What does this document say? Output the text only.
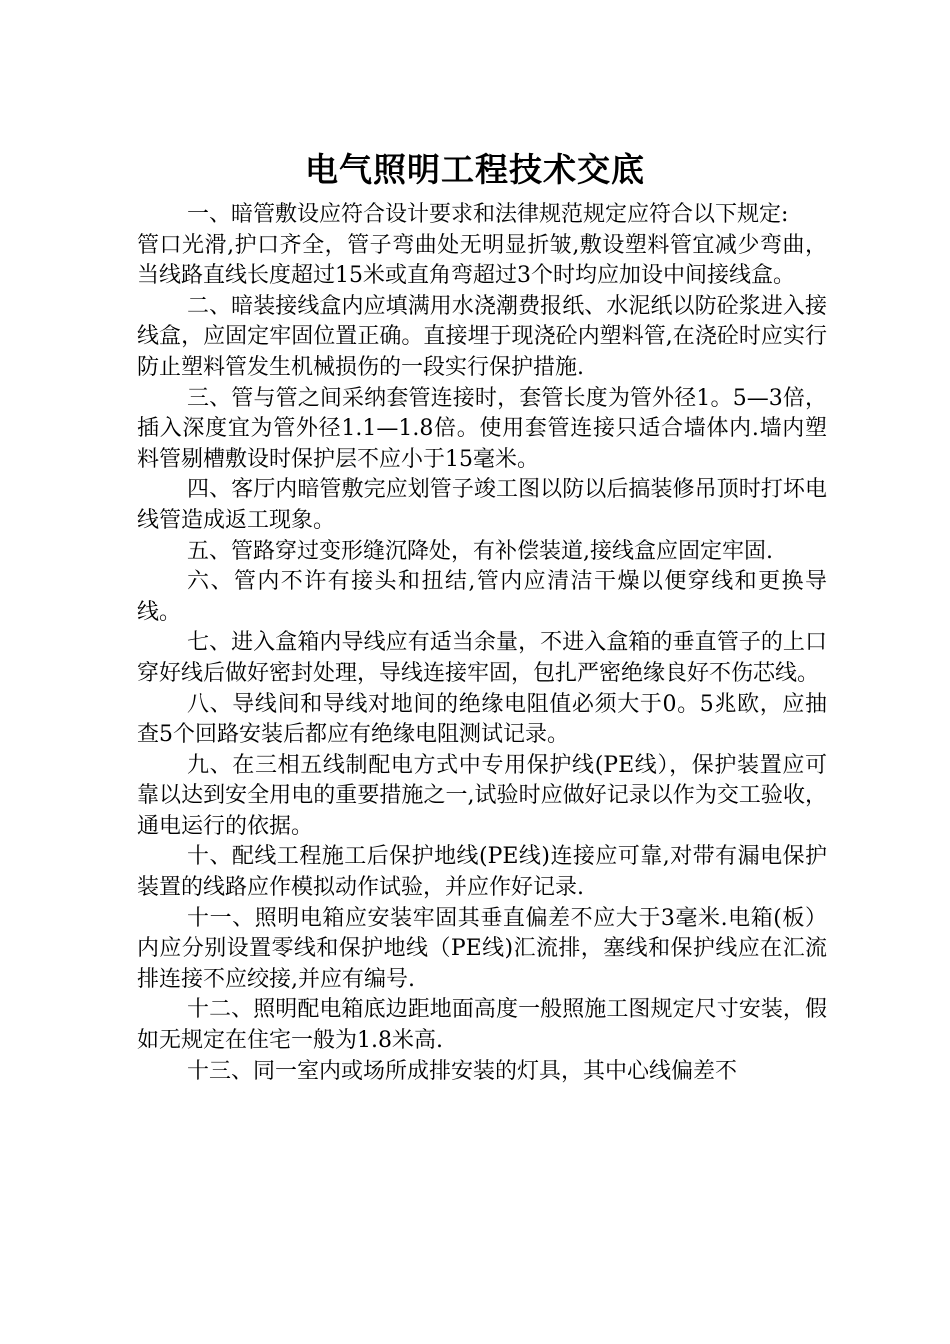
电气照明工程技术交底

一、暗管敷设应符合设计要求和法律规范规定应符合以下规定:

管口光滑,护口齐全，管子弯曲处无明显折皱,敷设塑料管宜减少弯曲，当线路直线长度超过15米或直角弯超过3个时均应加设中间接线盒。

二、暗装接线盒内应填满用水浇潮费报纸、水泥纸以防砼浆进入接线盒，应固定牢固位置正确。直接埋于现浇砼内塑料管,在浇砼时应实行防止塑料管发生机械损伤的一段实行保护措施.

三、管与管之间采纳套管连接时，套管长度为管外径1。5—3倍，插入深度宜为管外径1.1—1.8倍。使用套管连接只适合墙体内.墙内塑料管剔槽敷设时保护层不应小于15毫米。

四、客厅内暗管敷完应划管子竣工图以防以后搞装修吊顶时打坏电线管造成返工现象。

五、管路穿过变形缝沉降处，有补偿装道,接线盒应固定牢固.

六、管内不许有接头和扭结,管内应清洁干燥以便穿线和更换导线。

七、进入盒箱内导线应有适当余量，不进入盒箱的垂直管子的上口穿好线后做好密封处理，导线连接牢固，包扎严密绝缘良好不伤芯线。

八、导线间和导线对地间的绝缘电阻值必须大于0。5兆欧，应抽查5个回路安装后都应有绝缘电阻测试记录。

九、在三相五线制配电方式中专用保护线(PE线），保护装置应可靠以达到安全用电的重要措施之一,试验时应做好记录以作为交工验收，通电运行的依据。

十、配线工程施工后保护地线(PE线)连接应可靠,对带有漏电保护装置的线路应作模拟动作试验，并应作好记录.

十一、照明电箱应安装牢固其垂直偏差不应大于3毫米.电箱(板）内应分别设置零线和保护地线（PE线)汇流排，塞线和保护线应在汇流排连接不应绞接,并应有编号.

十二、照明配电箱底边距地面高度一般照施工图规定尺寸安装，假如无规定在住宅一般为1.8米高.

十三、同一室内或场所成排安装的灯具，其中心线偏差不
